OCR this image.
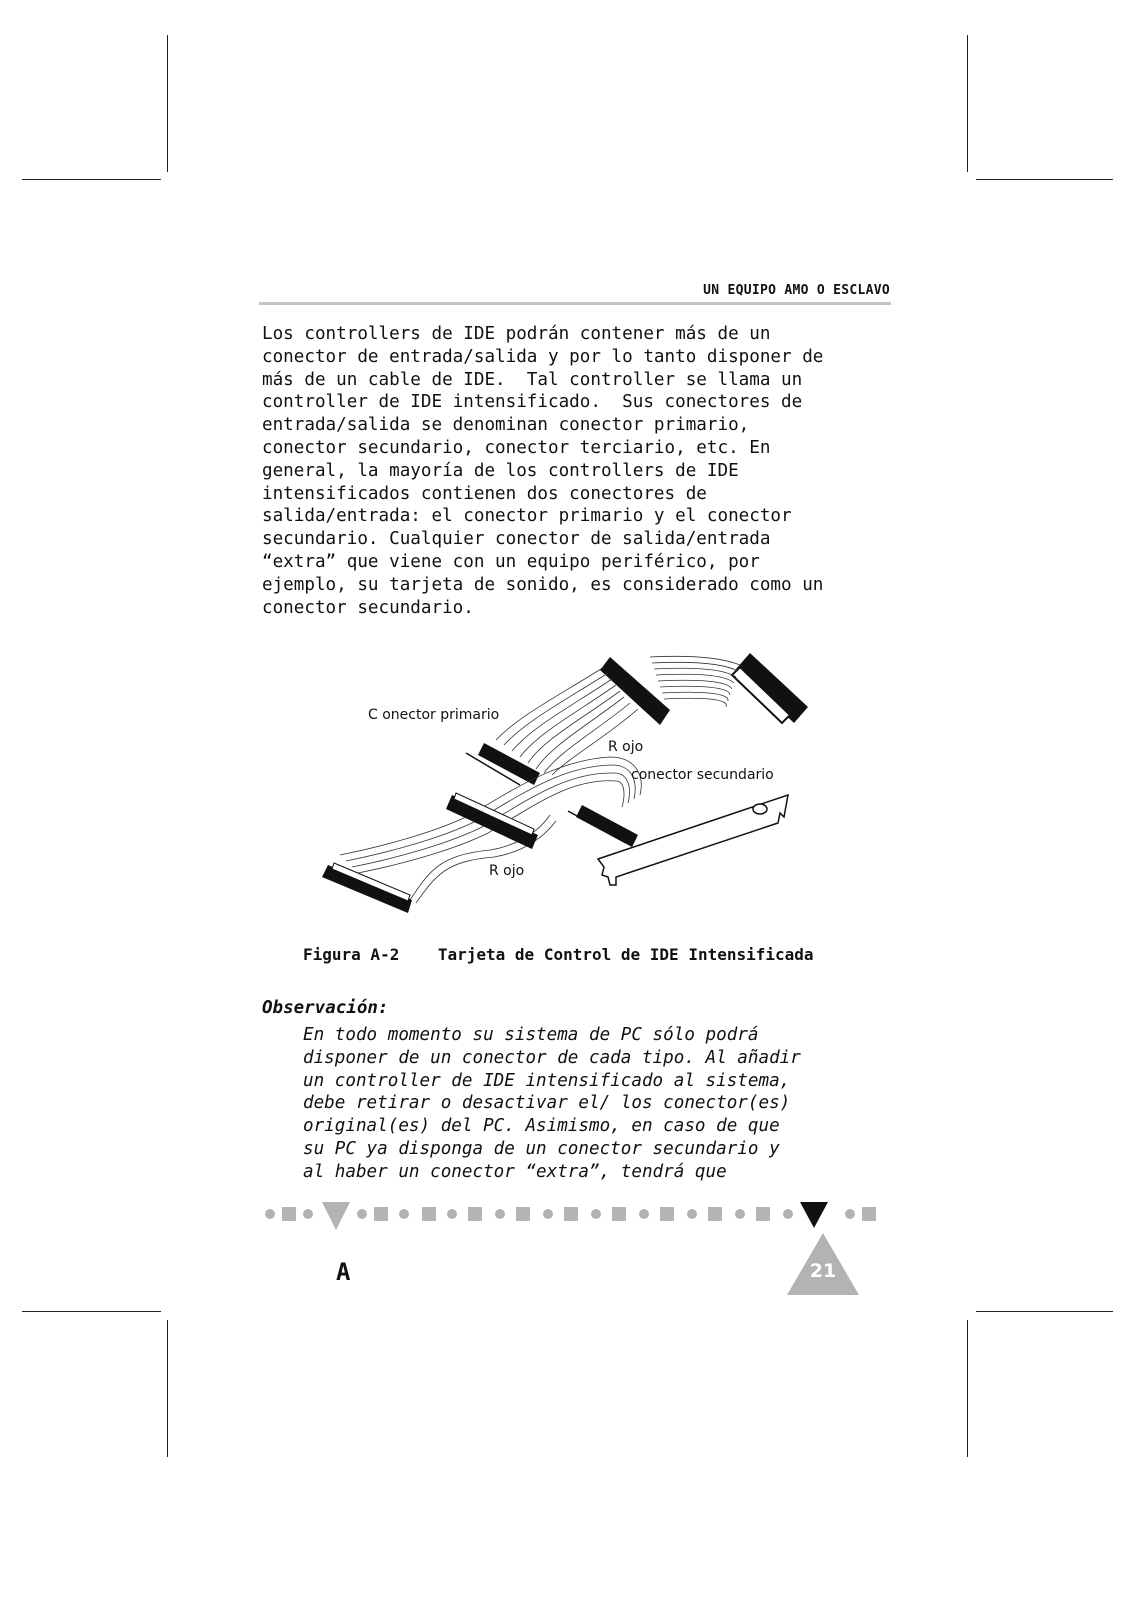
UN EQUIPO AMO O ESCLAVO
Los controllers de IDE podrán contener más de un
conector de entrada/salida y por lo tanto disponer de
más de un cable de IDE.  Tal controller se llama un
controller de IDE intensificado.  Sus conectores de
entrada/salida se denominan conector primario,
conector secundario, conector terciario, etc. En
general, la mayoría de los controllers de IDE
intensificados contienen dos conectores de
salida/entrada: el conector primario y el conector
secundario. Cualquier conector de salida/entrada
“extra” que viene con un equipo periférico, por
ejemplo, su tarjeta de sonido, es considerado como un
conector secundario.
C onector primario
R ojo
conector secundario
R ojo
Figura A-2    Tarjeta de Control de IDE Intensificada
Observación:
En todo momento su sistema de PC sólo podrá
disponer de un conector de cada tipo. Al añadir
un controller de IDE intensificado al sistema,
debe retirar o desactivar el/ los conector(es)
original(es) del PC. Asimismo, en caso de que
su PC ya disponga de un conector secundario y
al haber un conector “extra”, tendrá que
A	21
